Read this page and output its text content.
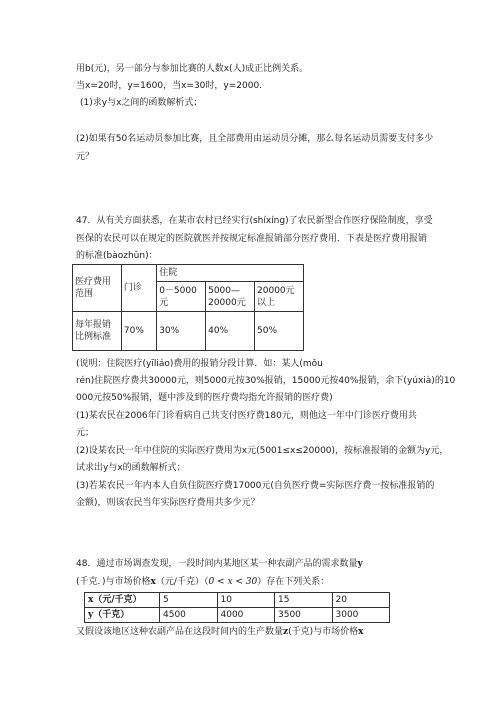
用b(元)，另一部分与参加比赛的人数x(人)成正比例关系。
当x=20时，y=1600，当x=30时，y=2000.
(1)求y与x之间的函数解析式；
(2)如果有50名运动员参加比赛，且全部费用由运动员分摊，那么每名运动员需要支付多少
元？
47．从有关方面获悉，在某市农村已经实行(shíxíng)了农民新型合作医疗保险制度，享受
医保的农民可以在规定的医院就医并按规定标准报销部分医疗费用．下表是医疗费用报销
的标准(bàozhǔn)：
医疗费用范围	门诊	住院		
		0－5000元	5000—20000元	20000元以上
每年报销比例标准	70%	30%	40%	50%
(说明：住院医疗(yīliáo)费用的报销分段计算．如：某人(mǒu
rén)住院医疗费共30000元，则5000元按30%报销，15000元按40%报销，余下(yúxià)的10
000元按50%报销，题中涉及到的医疗费均指允许报销的医疗费)
(1)某农民在2006年门诊看病自己共支付医疗费180元，则他这一年中门诊医疗费用共
元；
(2)设某农民一年中住院的实际医疗费用为x元(5001≤x≤20000)，按标准报销的金额为y元，
试求出y与x的函数解析式；
(3)若某农民一年内本人自负住院医疗费17000元(自负医疗费=实际医疗费一按标准报销的
金额)，则该农民当年实际医疗费用共多少元？
48．通过市场调查发现，一段时间内某地区某一种农副产品的需求数量y
(千克．)与市场价格x（元/千克）（0 < x < 30）存在下列关系：
x（元/千克）	5	10	15	20
y（千克）	4500	4000	3500	3000
又假设该地区这种农副产品在这段时间内的生产数量z(千克)与市场价格x
